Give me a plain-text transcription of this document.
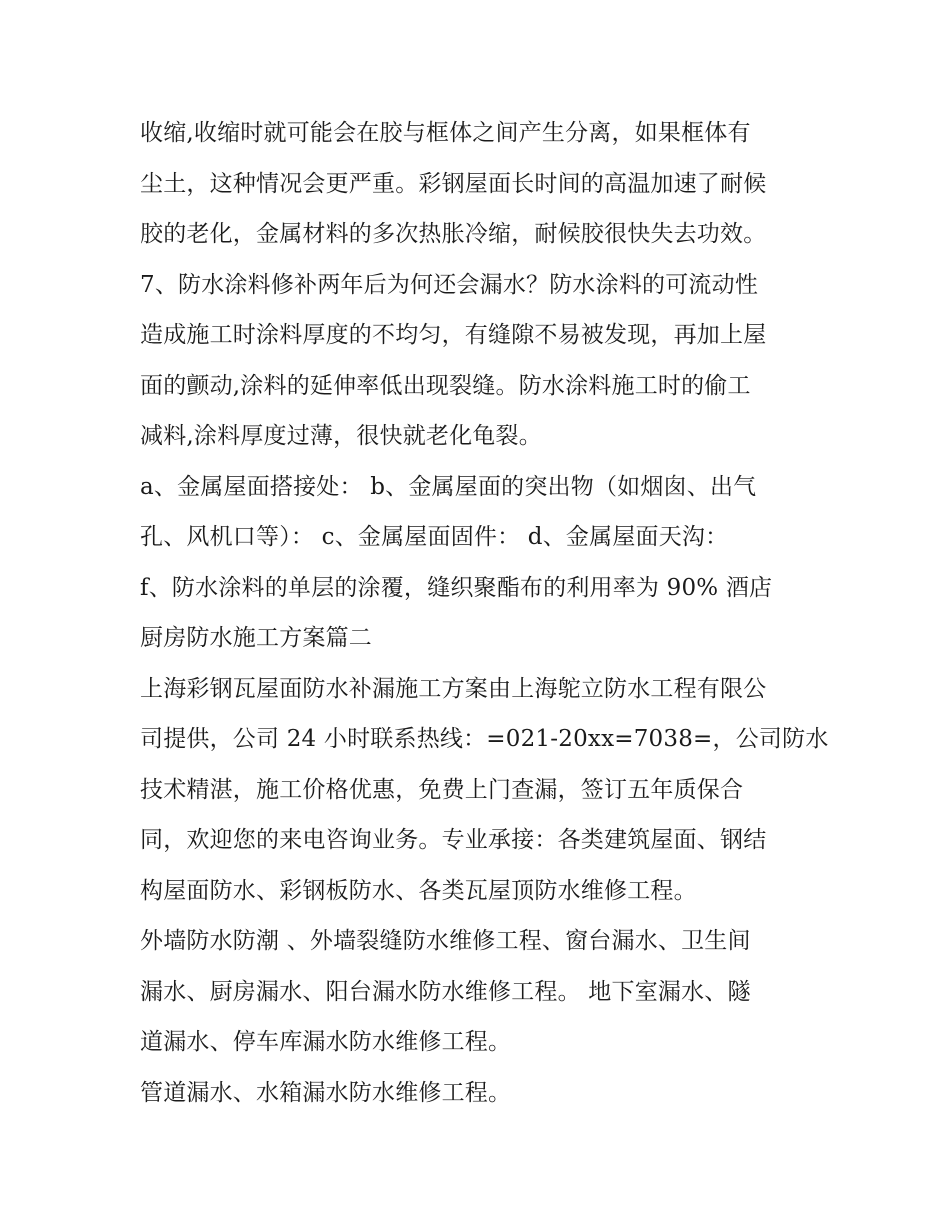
收缩,收缩时就可能会在胶与框体之间产生分离，如果框体有
尘土，这种情况会更严重。彩钢屋面长时间的高温加速了耐候
胶的老化，金属材料的多次热胀冷缩，耐候胶很快失去功效。

7、防水涂料修补两年后为何还会漏水？防水涂料的可流动性
造成施工时涂料厚度的不均匀，有缝隙不易被发现，再加上屋
面的颤动,涂料的延伸率低出现裂缝。防水涂料施工时的偷工
减料,涂料厚度过薄，很快就老化龟裂。

a、金属屋面搭接处： b、金属屋面的突出物（如烟囱、出气
孔、风机口等）： c、金属屋面固件： d、金属屋面天沟：

f、防水涂料的单层的涂覆，缝织聚酯布的利用率为 90% 酒店
厨房防水施工方案篇二

上海彩钢瓦屋面防水补漏施工方案由上海鸵立防水工程有限公
司提供，公司 24 小时联系热线：=021-20xx=7038=，公司防水
技术精湛，施工价格优惠，免费上门查漏，签订五年质保合
同，欢迎您的来电咨询业务。专业承接：各类建筑屋面、钢结
构屋面防水、彩钢板防水、各类瓦屋顶防水维修工程。

外墙防水防潮 、外墙裂缝防水维修工程、窗台漏水、卫生间
漏水、厨房漏水、阳台漏水防水维修工程。 地下室漏水、隧
道漏水、停车库漏水防水维修工程。

管道漏水、水箱漏水防水维修工程。
